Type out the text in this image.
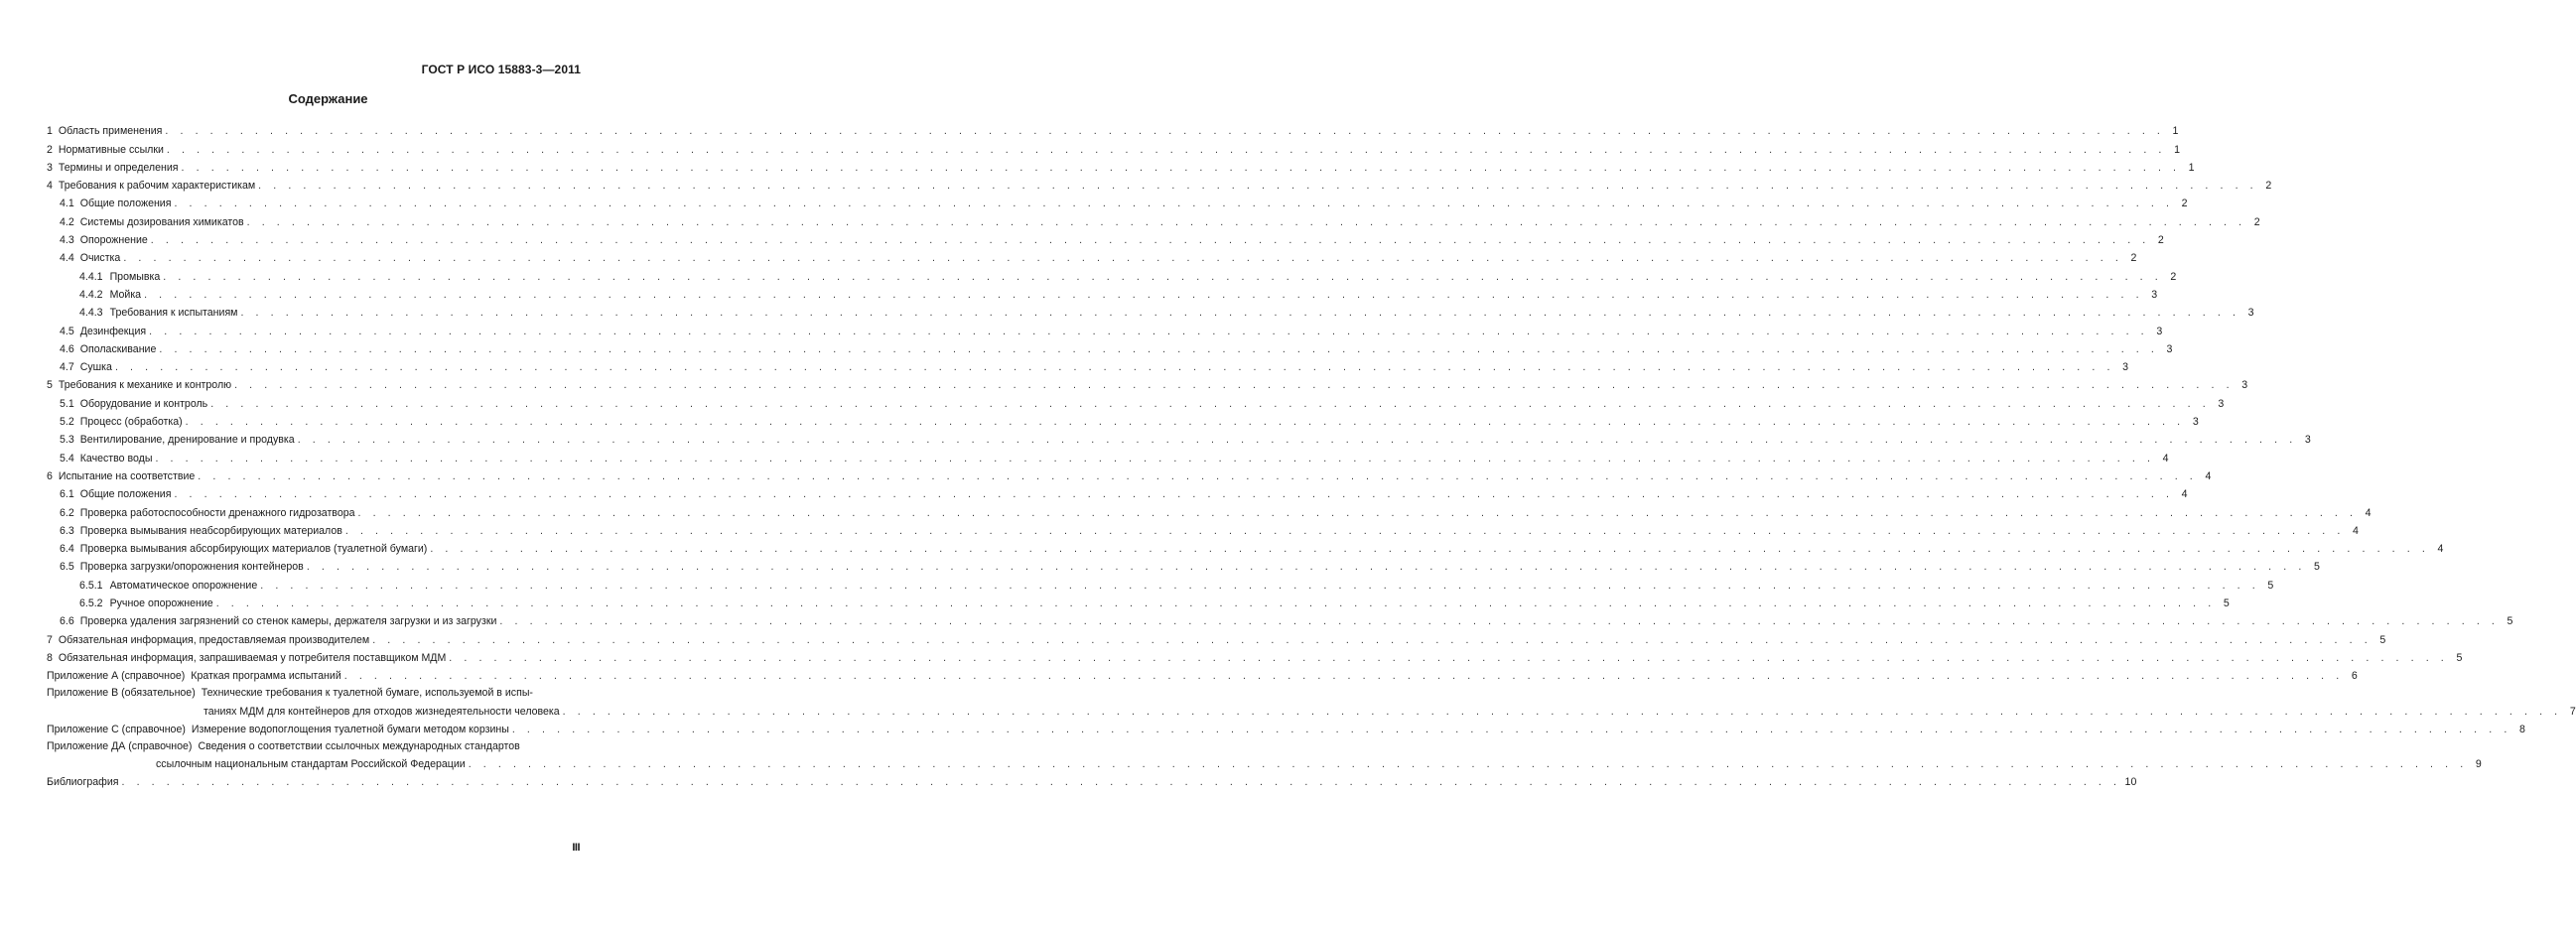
ГОСТ Р ИСО 15883-3—2011
Содержание
1 Область применения . . .	1
2 Нормативные ссылки . . .	1
3 Термины и определения . . .	1
4 Требования к рабочим характеристикам . . .	2
4.1 Общие положения . . .	2
4.2 Системы дозирования химикатов . . .	2
4.3 Опорожнение . . .	2
4.4 Очистка . . .	2
4.4.1 Промывка . . .	2
4.4.2 Мойка . . .	3
4.4.3 Требования к испытаниям . . .	3
4.5 Дезинфекция . . .	3
4.6 Ополаскивание . . .	3
4.7 Сушка . . .	3
5 Требования к механике и контролю . . .	3
5.1 Оборудование и контроль . . .	3
5.2 Процесс (обработка) . . .	3
5.3 Вентилирование, дренирование и продувка . . .	3
5.4 Качество воды . . .	4
6 Испытание на соответствие . . .	4
6.1 Общие положения . . .	4
6.2 Проверка работоспособности дренажного гидрозатвора . . .	4
6.3 Проверка вымывания неабсорбирующих материалов . . .	4
6.4 Проверка вымывания абсорбирующих материалов (туалетной бумаги) . . .	4
6.5 Проверка загрузки/опорожнения контейнеров . . .	5
6.5.1 Автоматическое опорожнение . . .	5
6.5.2 Ручное опорожнение . . .	5
6.6 Проверка удаления загрязнений со стенок камеры, держателя загрузки и из загрузки . . .	5
7 Обязательная информация, предоставляемая производителем . . .	5
8 Обязательная информация, запрашиваемая у потребителя поставщиком МДМ . . .	5
Приложение А (справочное) Краткая программа испытаний . . .	6
Приложение В (обязательное) Технические требования к туалетной бумаге, используемой в испы-
таниях МДМ для контейнеров для отходов жизнедеятельности человека . . .	7
Приложение С (справочное) Измерение водопоглощения туалетной бумаги методом корзины . . .	8
Приложение ДА (справочное) Сведения о соответствии ссылочных международных стандартов
ссылочным национальным стандартам Российской Федерации . . .	9
Библиография . . .	10
III
